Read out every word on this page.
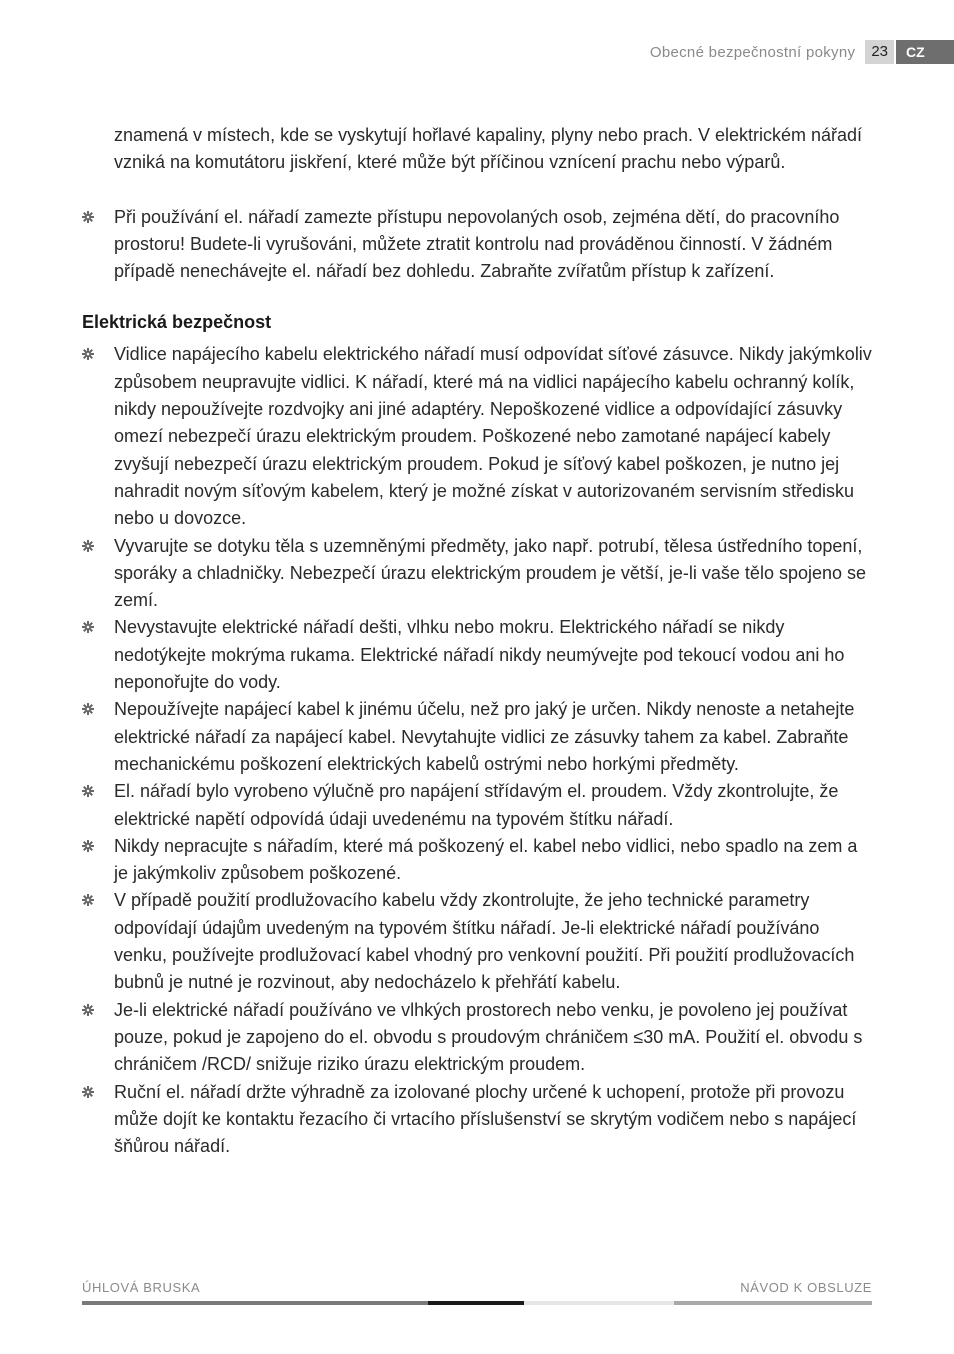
Obecné bezpečnostní pokyny	23	CZ

znamená v místech, kde se vyskytují hořlavé kapaliny, plyny nebo prach. V elektrickém nářadí vzniká na komutátoru jiskření, které může být příčinou vznícení prachu nebo výparů.

Při používání el. nářadí zamezte přístupu nepovolaných osob, zejména dětí, do pracovního prostoru! Budete-li vyrušováni, můžete ztratit kontrolu nad prováděnou činností. V žádném případě nenechávejte el. nářadí bez dohledu. Zabraňte zvířatům přístup k zařízení.
Elektrická bezpečnost
Vidlice napájecího kabelu elektrického nářadí musí odpovídat síťové zásuvce. Nikdy jakýmkoliv způsobem neupravujte vidlici. K nářadí, které má na vidlici napájecího kabelu ochranný kolík, nikdy nepoužívejte rozdvojky ani jiné adaptéry. Nepoškozené vidlice a odpovídající zásuvky omezí nebezpečí úrazu elektrickým proudem. Poškozené nebo zamotané napájecí kabely zvyšují nebezpečí úrazu elektrickým proudem. Pokud je síťový kabel poškozen, je nutno jej nahradit novým síťovým kabelem, který je možné získat v autorizovaném servisním středisku nebo u dovozce.
Vyvarujte se dotyku těla s uzemněnými předměty, jako např. potrubí, tělesa ústředního topení, sporáky a chladničky. Nebezpečí úrazu elektrickým proudem je větší, je-li vaše tělo spojeno se zemí.
Nevystavujte elektrické nářadí dešti, vlhku nebo mokru. Elektrického nářadí se nikdy nedotýkejte mokrýma rukama. Elektrické nářadí nikdy neumývejte pod tekoucí vodou ani ho neponořujte do vody.
Nepoužívejte napájecí kabel k jinému účelu, než pro jaký je určen. Nikdy nenoste a netahejte elektrické nářadí za napájecí kabel. Nevytahujte vidlici ze zásuvky tahem za kabel. Zabraňte mechanickému poškození elektrických kabelů ostrými nebo horkými předměty.
El. nářadí bylo vyrobeno výlučně pro napájení střídavým el. proudem. Vždy zkontrolujte, že elektrické napětí odpovídá údaji uvedenému na typovém štítku nářadí.
Nikdy nepracujte s nářadím, které má poškozený el. kabel nebo vidlici, nebo spadlo na zem a je jakýmkoliv způsobem poškozené.
V případě použití prodlužovacího kabelu vždy zkontrolujte, že jeho technické parametry odpovídají údajům uvedeným na typovém štítku nářadí. Je-li elektrické nářadí používáno venku, používejte prodlužovací kabel vhodný pro venkovní použití. Při použití prodlužovacích bubnů je nutné je rozvinout, aby nedocházelo k přehřátí kabelu.
Je-li elektrické nářadí používáno ve vlhkých prostorech nebo venku, je povoleno jej používat pouze, pokud je zapojeno do el. obvodu s proudovým chráničem ≤30 mA. Použití el. obvodu s chráničem /RCD/ snižuje riziko úrazu elektrickým proudem.
Ruční el. nářadí držte výhradně za izolované plochy určené k uchopení, protože při provozu může dojít ke kontaktu řezacího či vrtacího příslušenství se skrytým vodičem nebo s napájecí šňůrou nářadí.
ÚHLOVÁ BRUSKA	NÁVOD K OBSLUZE
